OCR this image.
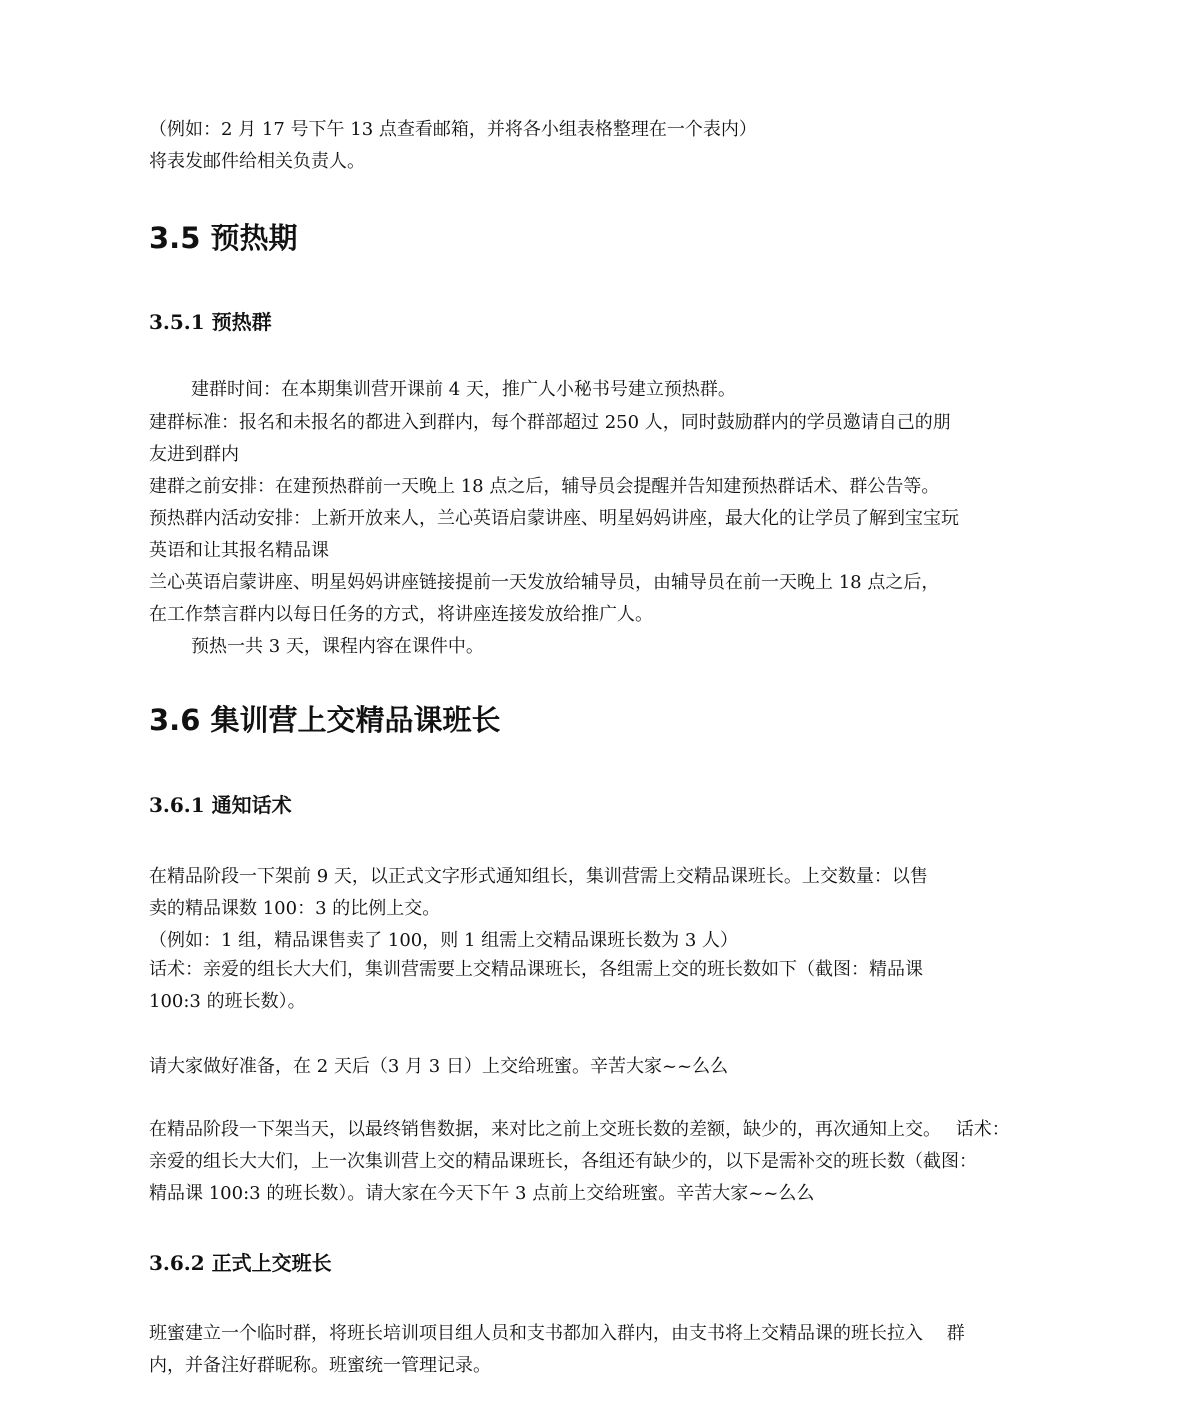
（例如：2 月 17 号下午 13 点查看邮箱，并将各小组表格整理在一个表内）
将表发邮件给相关负责人。
3.5 预热期
3.5.1 预热群
建群时间：在本期集训营开课前 4 天，推广人小秘书号建立预热群。
建群标准：报名和未报名的都进入到群内，每个群部超过 250 人，同时鼓励群内的学员邀请自己的朋
友进到群内
建群之前安排：在建预热群前一天晚上 18 点之后，辅导员会提醒并告知建预热群话术、群公告等。
预热群内活动安排：上新开放来人，兰心英语启蒙讲座、明星妈妈讲座，最大化的让学员了解到宝宝玩
英语和让其报名精品课
兰心英语启蒙讲座、明星妈妈讲座链接提前一天发放给辅导员，由辅导员在前一天晚上 18 点之后，
在工作禁言群内以每日任务的方式，将讲座连接发放给推广人。
预热一共 3 天，课程内容在课件中。
3.6 集训营上交精品课班长
3.6.1 通知话术
在精品阶段一下架前 9 天，以正式文字形式通知组长，集训营需上交精品课班长。上交数量：以售
卖的精品课数 100：3 的比例上交。
（例如：1 组，精品课售卖了 100，则 1 组需上交精品课班长数为 3 人）
话术：亲爱的组长大大们，集训营需要上交精品课班长，各组需上交的班长数如下（截图：精品课
100:3 的班长数）。
请大家做好准备，在 2 天后（3 月 3 日）上交给班蜜。辛苦大家~~么么
在精品阶段一下架当天，以最终销售数据，来对比之前上交班长数的差额，缺少的，再次通知上交。　 话术：
亲爱的组长大大们，上一次集训营上交的精品课班长，各组还有缺少的，以下是需补交的班长数（截图：
精品课 100:3 的班长数）。请大家在今天下午 3 点前上交给班蜜。辛苦大家~~么么
3.6.2 正式上交班长
班蜜建立一个临时群，将班长培训项目组人员和支书都加入群内，由支书将上交精品课的班长拉入　 群
内，并备注好群昵称。班蜜统一管理记录。
